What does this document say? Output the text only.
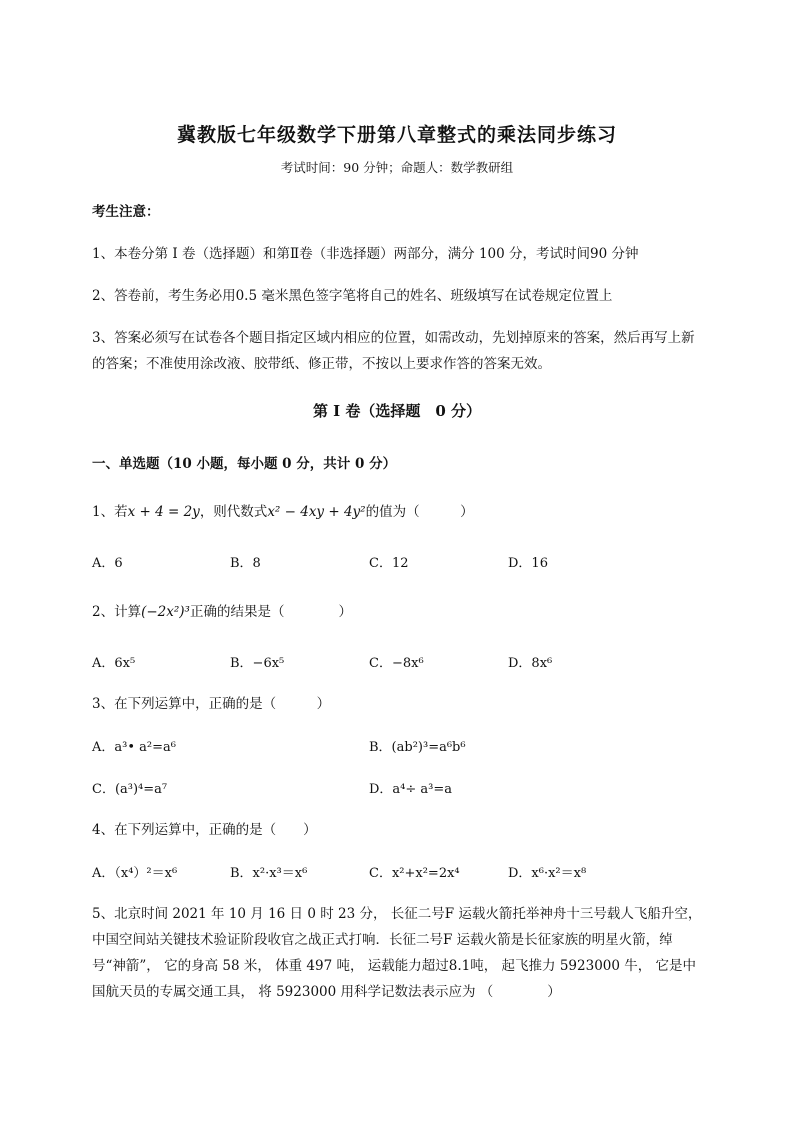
冀教版七年级数学下册第八章整式的乘法同步练习
考试时间：90 分钟；命题人：数学教研组
考生注意：
1、本卷分第 I 卷（选择题）和第Ⅱ卷（非选择题）两部分，满分 100 分，考试时间90 分钟
2、答卷前，考生务必用0.5 毫米黑色签字笔将自己的姓名、班级填写在试卷规定位置上
3、答案必须写在试卷各个题目指定区域内相应的位置，如需改动，先划掉原来的答案，然后再写上新
的答案；不准使用涂改液、胶带纸、修正带，不按以上要求作答的答案无效。
第 I 卷（选择题　0 分）
一、单选题（10 小题，每小题 0 分，共计 0 分）
1、若x + 4 = 2y，则代数式x² − 4xy + 4y²的值为（　　　）
A．6	B．8	C．12	D．16
2、计算(−2x²)³正确的结果是（　　　　）
A．6x⁵	B．−6x⁵	C．−8x⁶	D．8x⁶
3、在下列运算中，正确的是（　　　）
A．a³• a²=a⁶	B．(ab²)³=a⁶b⁶
C．(a³)⁴=a⁷	D．a⁴÷ a³=a
4、在下列运算中，正确的是（　　）
A．（x⁴）²＝x⁶	B．x²·x³＝x⁶	C．x²+x²=2x⁴	D．x⁶·x²＝x⁸
5、北京时间 2021 年 10 月 16 日 0 时 23 分， 长征二号F 运载火箭托举神舟十三号载人飞船升空，
中国空间站关键技术验证阶段收官之战正式打响．长征二号F 运载火箭是长征家族的明星火箭，绰
号“神箭”， 它的身高 58 米， 体重 497 吨， 运载能力超过8.1吨， 起飞推力 5923000 牛， 它是中
国航天员的专属交通工具， 将 5923000 用科学记数法表示应为 （　　　　）
